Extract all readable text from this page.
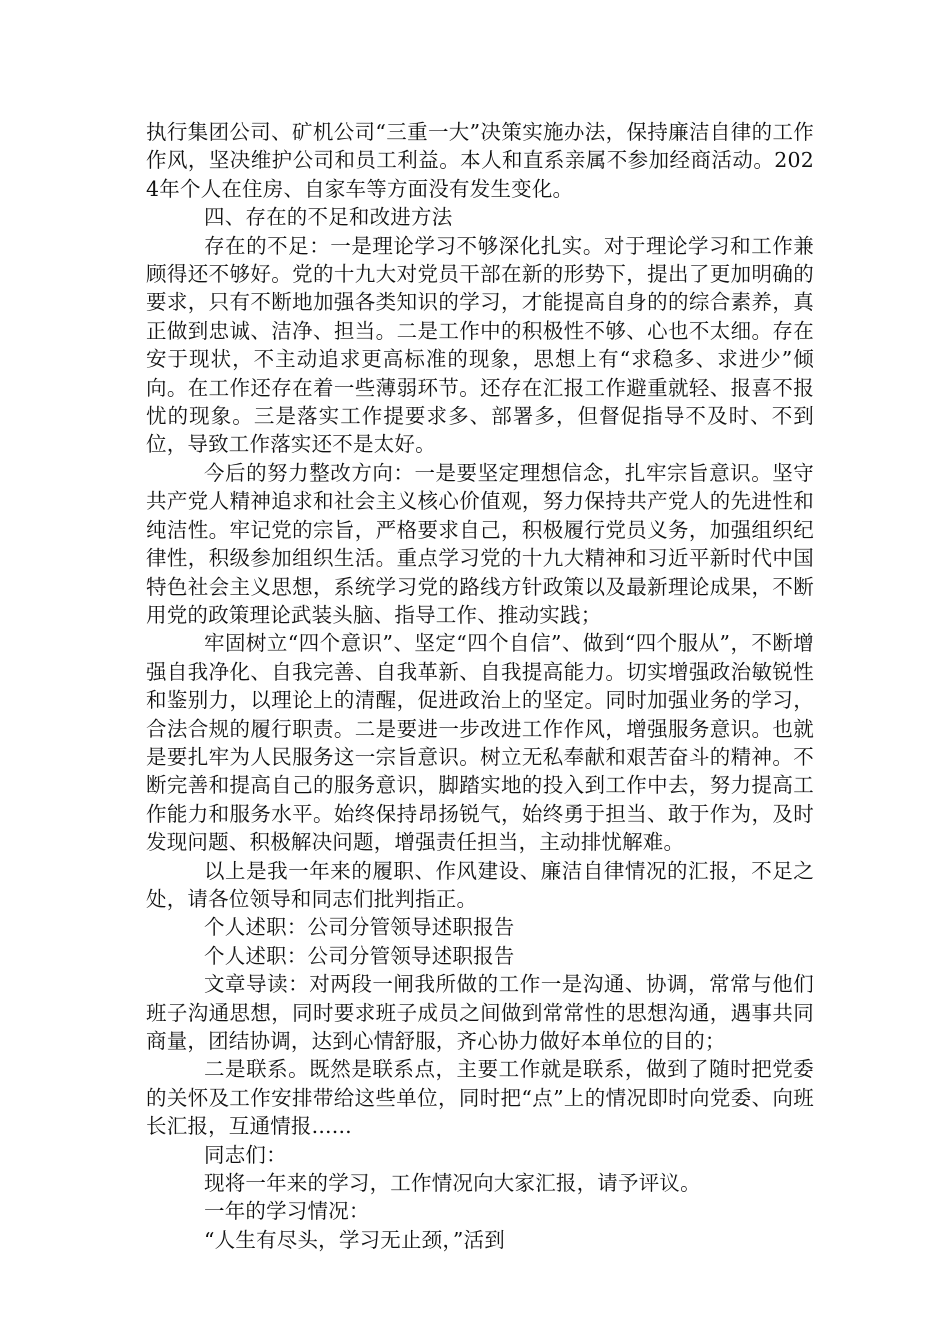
执行集团公司、矿机公司“三重一大”决策实施办法，保持廉洁自律的工作作风，坚决维护公司和员工利益。本人和直系亲属不参加经商活动。2024年个人在住房、自家车等方面没有发生变化。

四、存在的不足和改进方法

存在的不足：一是理论学习不够深化扎实。对于理论学习和工作兼顾得还不够好。党的十九大对党员干部在新的形势下，提出了更加明确的要求，只有不断地加强各类知识的学习，才能提高自身的的综合素养，真正做到忠诚、洁净、担当。二是工作中的积极性不够、心也不太细。存在安于现状，不主动追求更高标准的现象，思想上有“求稳多、求进少”倾向。在工作还存在着一些薄弱环节。还存在汇报工作避重就轻、报喜不报忧的现象。三是落实工作提要求多、部署多，但督促指导不及时、不到位，导致工作落实还不是太好。

今后的努力整改方向：一是要坚定理想信念，扎牢宗旨意识。坚守共产党人精神追求和社会主义核心价值观，努力保持共产党人的先进性和纯洁性。牢记党的宗旨，严格要求自己，积极履行党员义务，加强组织纪律性，积级参加组织生活。重点学习党的十九大精神和习近平新时代中国特色社会主义思想，系统学习党的路线方针政策以及最新理论成果，不断用党的政策理论武装头脑、指导工作、推动实践；

牢固树立“四个意识”、坚定“四个自信”、做到“四个服从”，不断增强自我净化、自我完善、自我革新、自我提高能力。切实增强政治敏锐性和鉴别力，以理论上的清醒，促进政治上的坚定。同时加强业务的学习，合法合规的履行职责。二是要进一步改进工作作风，增强服务意识。也就是要扎牢为人民服务这一宗旨意识。树立无私奉献和艰苦奋斗的精神。不断完善和提高自己的服务意识，脚踏实地的投入到工作中去，努力提高工作能力和服务水平。始终保持昂扬锐气，始终勇于担当、敢于作为，及时发现问题、积极解决问题，增强责任担当，主动排忧解难。

以上是我一年来的履职、作风建设、廉洁自律情况的汇报，不足之处，请各位领导和同志们批判指正。

个人述职：公司分管领导述职报告

个人述职：公司分管领导述职报告

文章导读：对两段一闸我所做的工作一是沟通、协调，常常与他们班子沟通思想，同时要求班子成员之间做到常常性的思想沟通，遇事共同商量，团结协调，达到心情舒服，齐心协力做好本单位的目的；

二是联系。既然是联系点，主要工作就是联系，做到了随时把党委的关怀及工作安排带给这些单位，同时把“点”上的情况即时向党委、向班长汇报，互通情报......

同志们：

现将一年来的学习，工作情况向大家汇报，请予评议。

一年的学习情况：

“人生有尽头，学习无止颈，”活到
